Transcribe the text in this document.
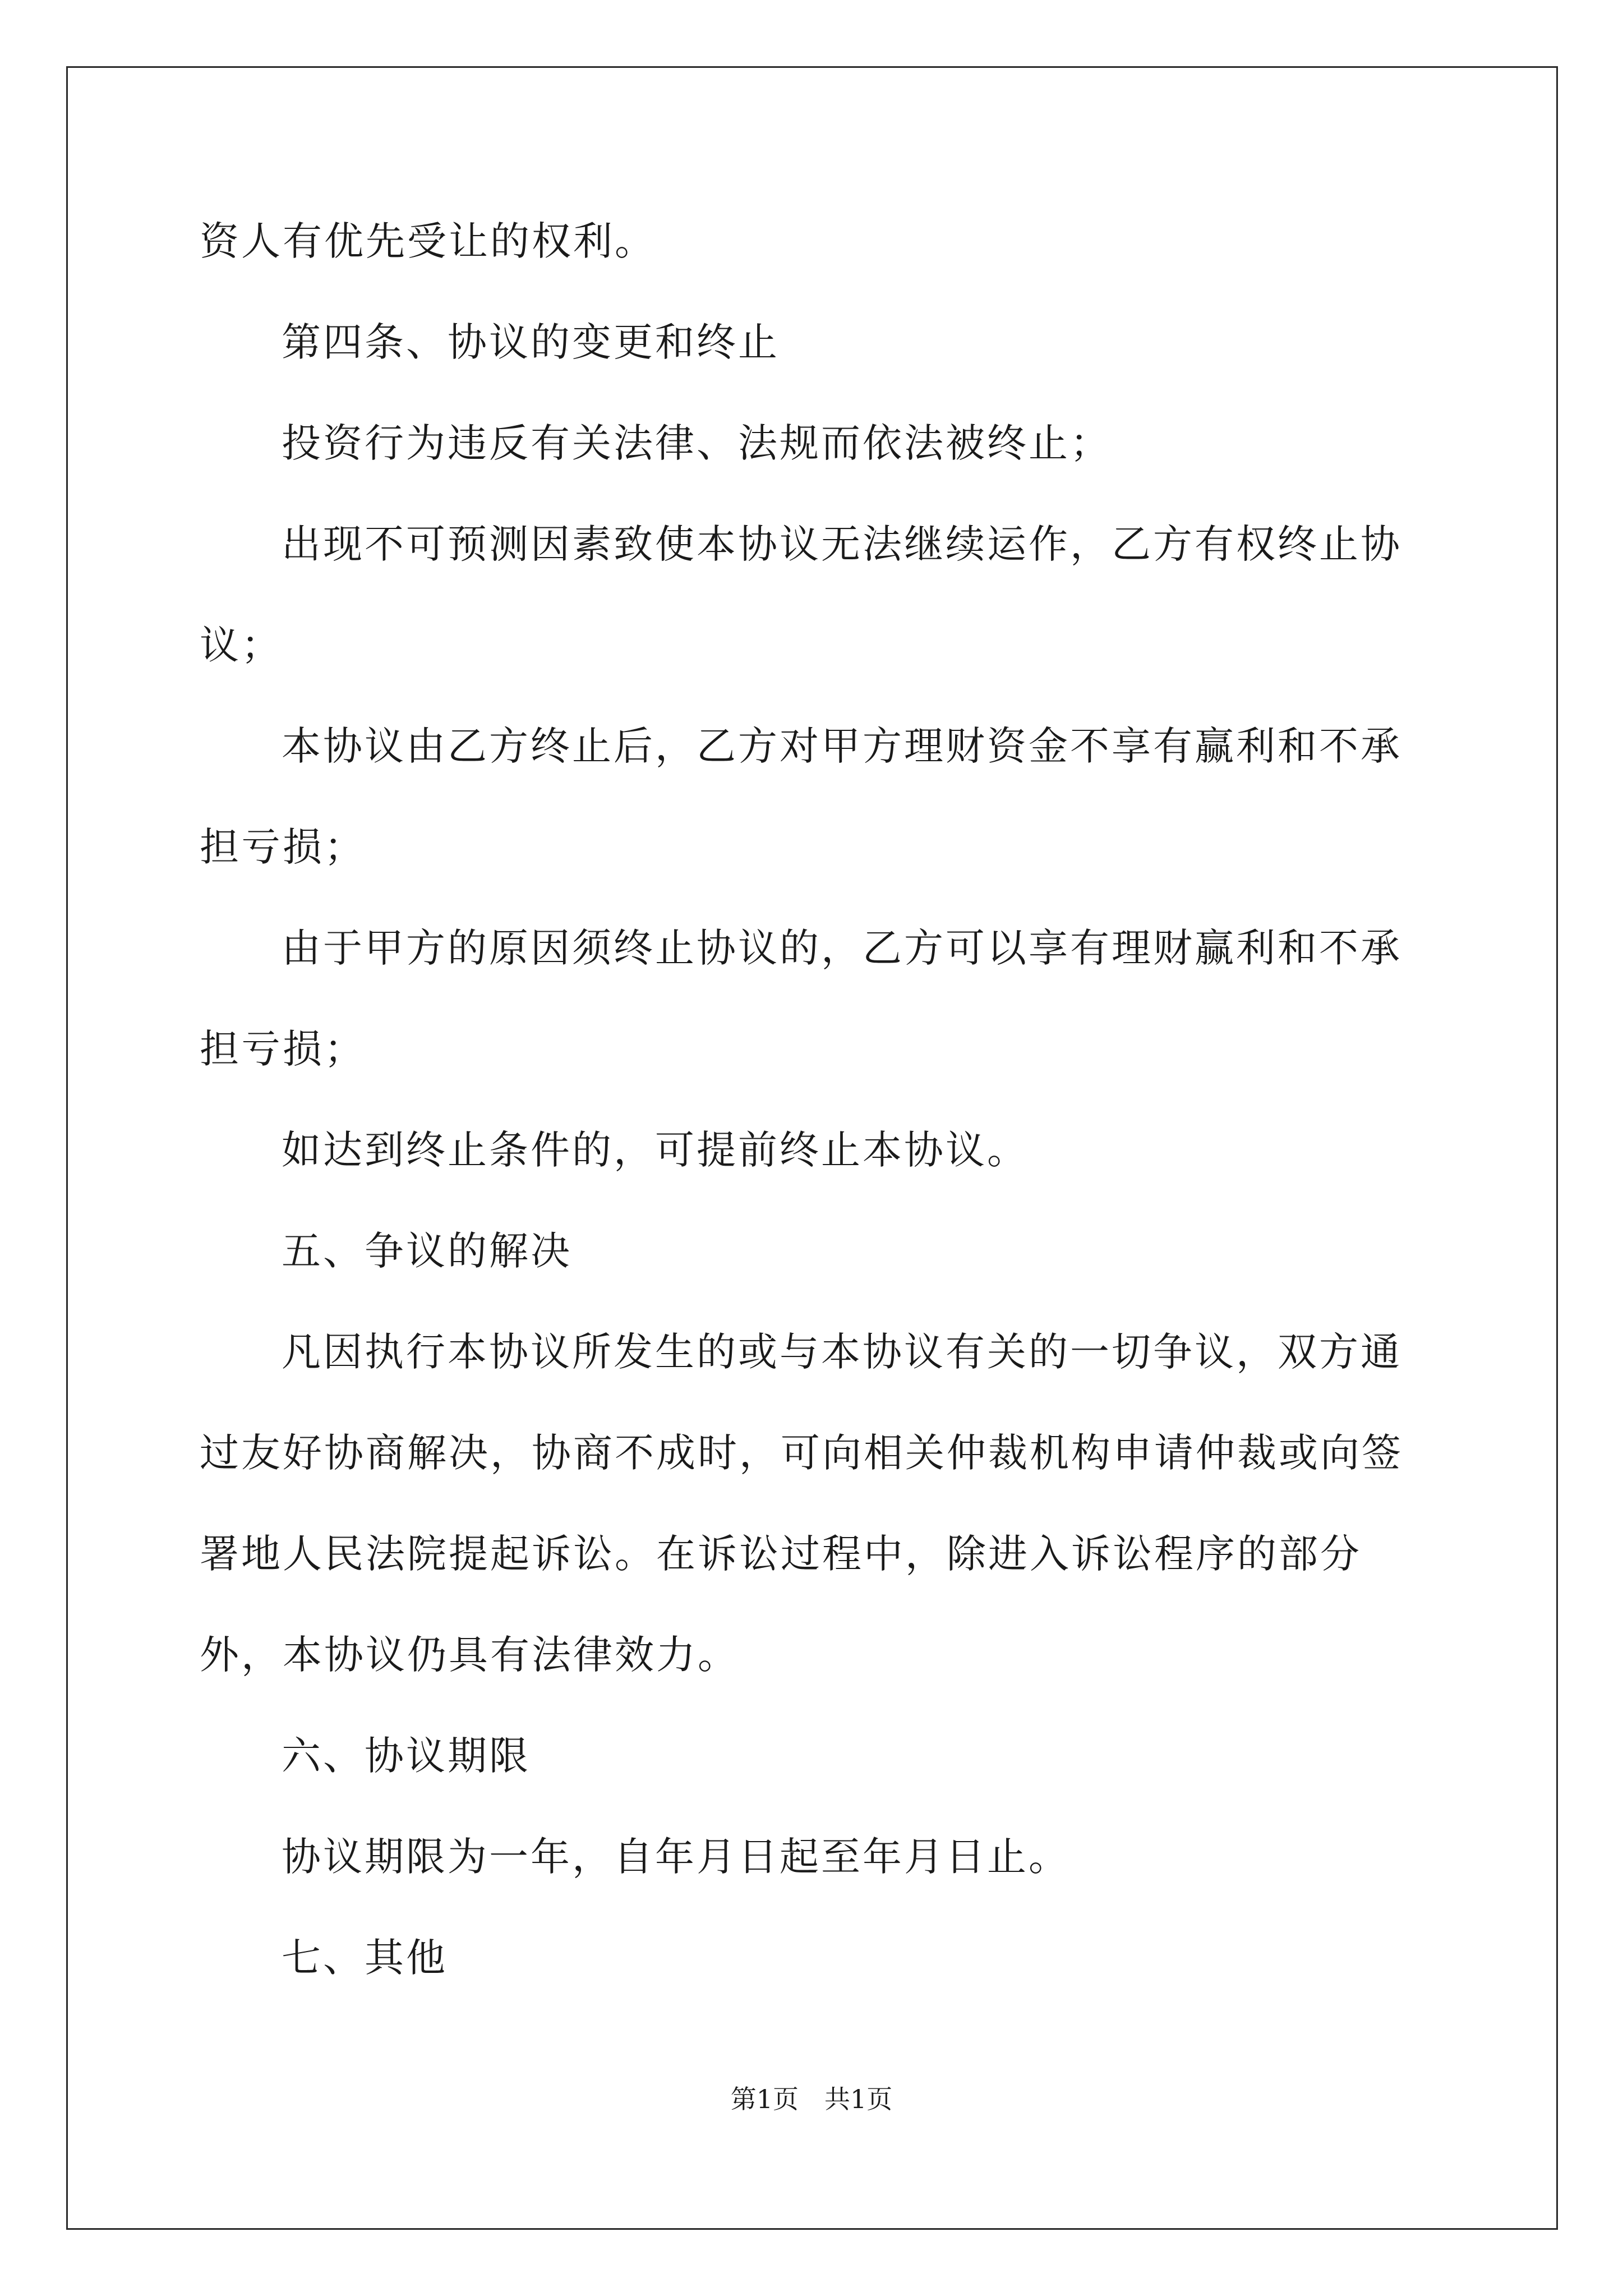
资人有优先受让的权利。

第四条、协议的变更和终止

投资行为违反有关法律、法规而依法被终止；

出现不可预测因素致使本协议无法继续运作，乙方有权终止协议；

本协议由乙方终止后，乙方对甲方理财资金不享有赢利和不承担亏损；

由于甲方的原因须终止协议的，乙方可以享有理财赢利和不承担亏损；

如达到终止条件的，可提前终止本协议。

五、争议的解决

凡因执行本协议所发生的或与本协议有关的一切争议，双方通过友好协商解决，协商不成时，可向相关仲裁机构申请仲裁或向签署地人民法院提起诉讼。在诉讼过程中，除进入诉讼程序的部分外，本协议仍具有法律效力。

六、协议期限

协议期限为一年，自年月日起至年月日止。

七、其他

第1页　共1页
